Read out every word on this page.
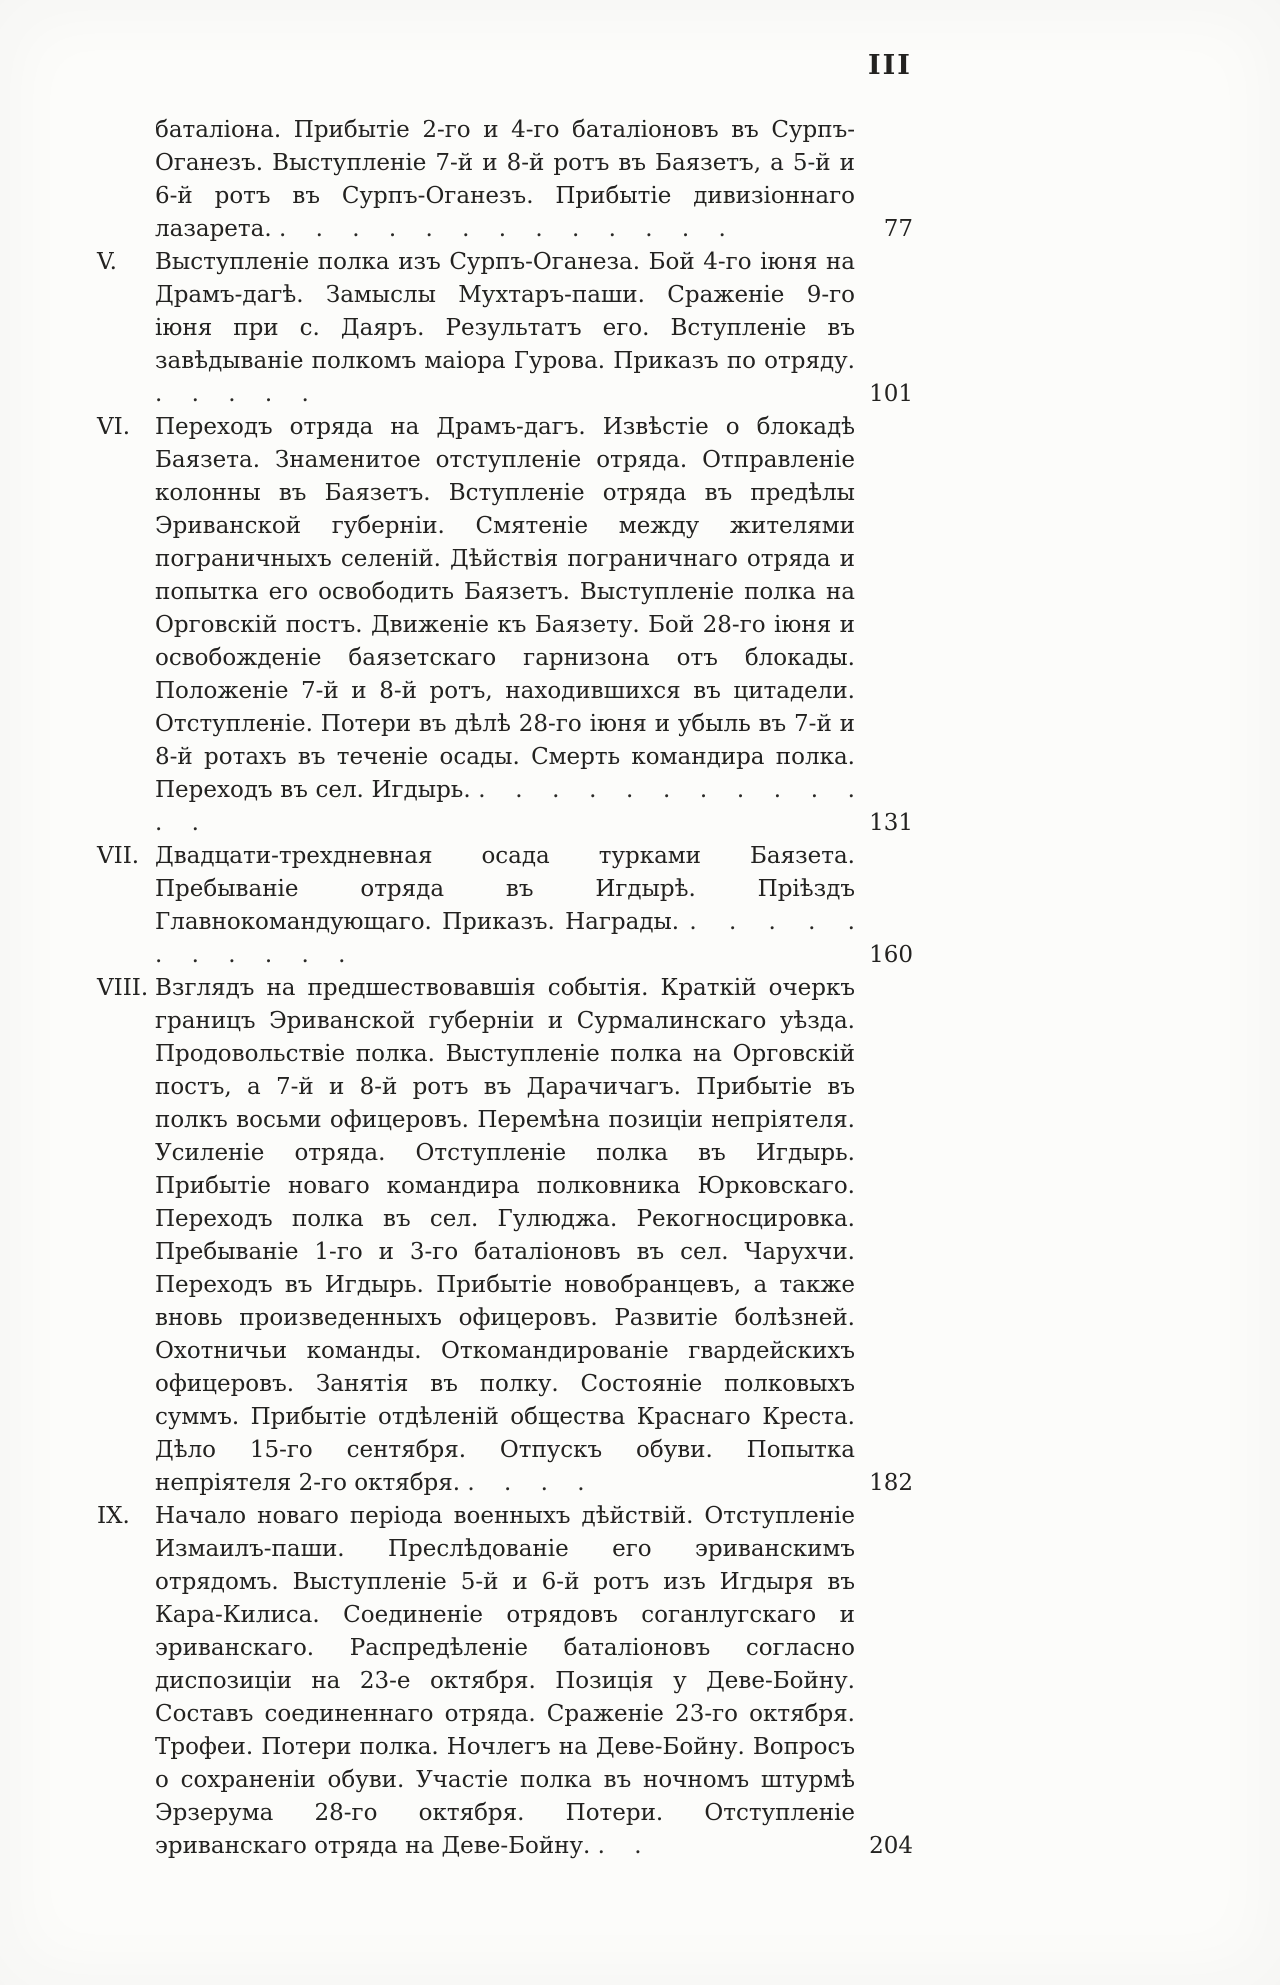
III
баталіона. Прибытіе 2-го и 4-го баталіоновъ въ Сурпъ-Оганезъ. Выступленіе 7-й и 8-й ротъ въ Баязетъ, а 5-й и 6-й ротъ въ Сурпъ-Оганезъ. Прибытіе дивизіоннаго лазарета. . . . . . . . . . . . . .	77
V.	Выступленіе полка изъ Сурпъ-Оганеза. Бой 4-го іюня на Драмъ-дагѣ. Замыслы Мухтаръ-паши. Сраженіе 9-го іюня при с. Даяръ. Результатъ его. Вступленіе въ завѣдываніе полкомъ маіора Гурова. Приказъ по отряду. . . . . .	101
VI.	Переходъ отряда на Драмъ-дагъ. Извѣстіе о блокадѣ Баязета. Знаменитое отступленіе отряда. Отправленіе колонны въ Баязетъ. Вступленіе отряда въ предѣлы Эриванской губерніи. Смятеніе между жителями пограничныхъ селеній. Дѣйствія пограничнаго отряда и попытка его освободить Баязетъ. Выступленіе полка на Орговскій постъ. Движеніе къ Баязету. Бой 28-го іюня и освобожденіе баязетскаго гарнизона отъ блокады. Положеніе 7-й и 8-й ротъ, находившихся въ цитадели. Отступленіе. Потери въ дѣлѣ 28-го іюня и убыль въ 7-й и 8-й ротахъ въ теченіе осады. Смерть командира полка. Переходъ въ сел. Игдырь. . . . . . . . . . . . . .	131
VII. Двадцати-трехдневная осада турками Баязета. Пребываніе отряда въ Игдырѣ. Пріѣздъ Главнокомандующаго. Приказъ. Награды. . . . . . . . . . . .	160
VIII. Взглядъ на предшествовавшія событія. Краткій очеркъ границъ Эриванской губерніи и Сурмалинскаго уѣзда. Продовольствіе полка. Выступленіе полка на Орговскій постъ, а 7-й и 8-й ротъ въ Дарачичагъ. Прибытіе въ полкъ восьми офицеровъ. Перемѣна позиціи непріятеля. Усиленіе отряда. Отступленіе полка въ Игдырь. Прибытіе новаго командира полковника Юрковскаго. Переходъ полка въ сел. Гулюджа. Рекогносцировка. Пребываніе 1-го и 3-го баталіоновъ въ сел. Чарухчи. Переходъ въ Игдырь. Прибытіе новобранцевъ, а также вновь произведенныхъ офицеровъ. Развитіе болѣзней. Охотничьи команды. Откомандированіе гвардейскихъ офицеровъ. Занятія въ полку. Состояніе полковыхъ суммъ. Прибытіе отдѣленій общества Краснаго Креста. Дѣло 15-го сентября. Отпускъ обуви. Попытка непріятеля 2-го октября. . . . .	182
IX.	Начало новаго періода военныхъ дѣйствій. Отступленіе Измаилъ-паши. Преслѣдованіе его эриванскимъ отрядомъ. Выступленіе 5-й и 6-й ротъ изъ Игдыря въ Кара-Килиса. Соединеніе отрядовъ соганлугскаго и эриванскаго. Распредѣленіе баталіоновъ согласно диспозиціи на 23-е октября. Позиція у Деве-Бойну. Составъ соединеннаго отряда. Сраженіе 23-го октября. Трофеи. Потери полка. Ночлегъ на Деве-Бойну. Вопросъ о сохраненіи обуви. Участіе полка въ ночномъ штурмѣ Эрзерума 28-го октября. Потери. Отступленіе эриванскаго отряда на Деве-Бойну. . .	204
